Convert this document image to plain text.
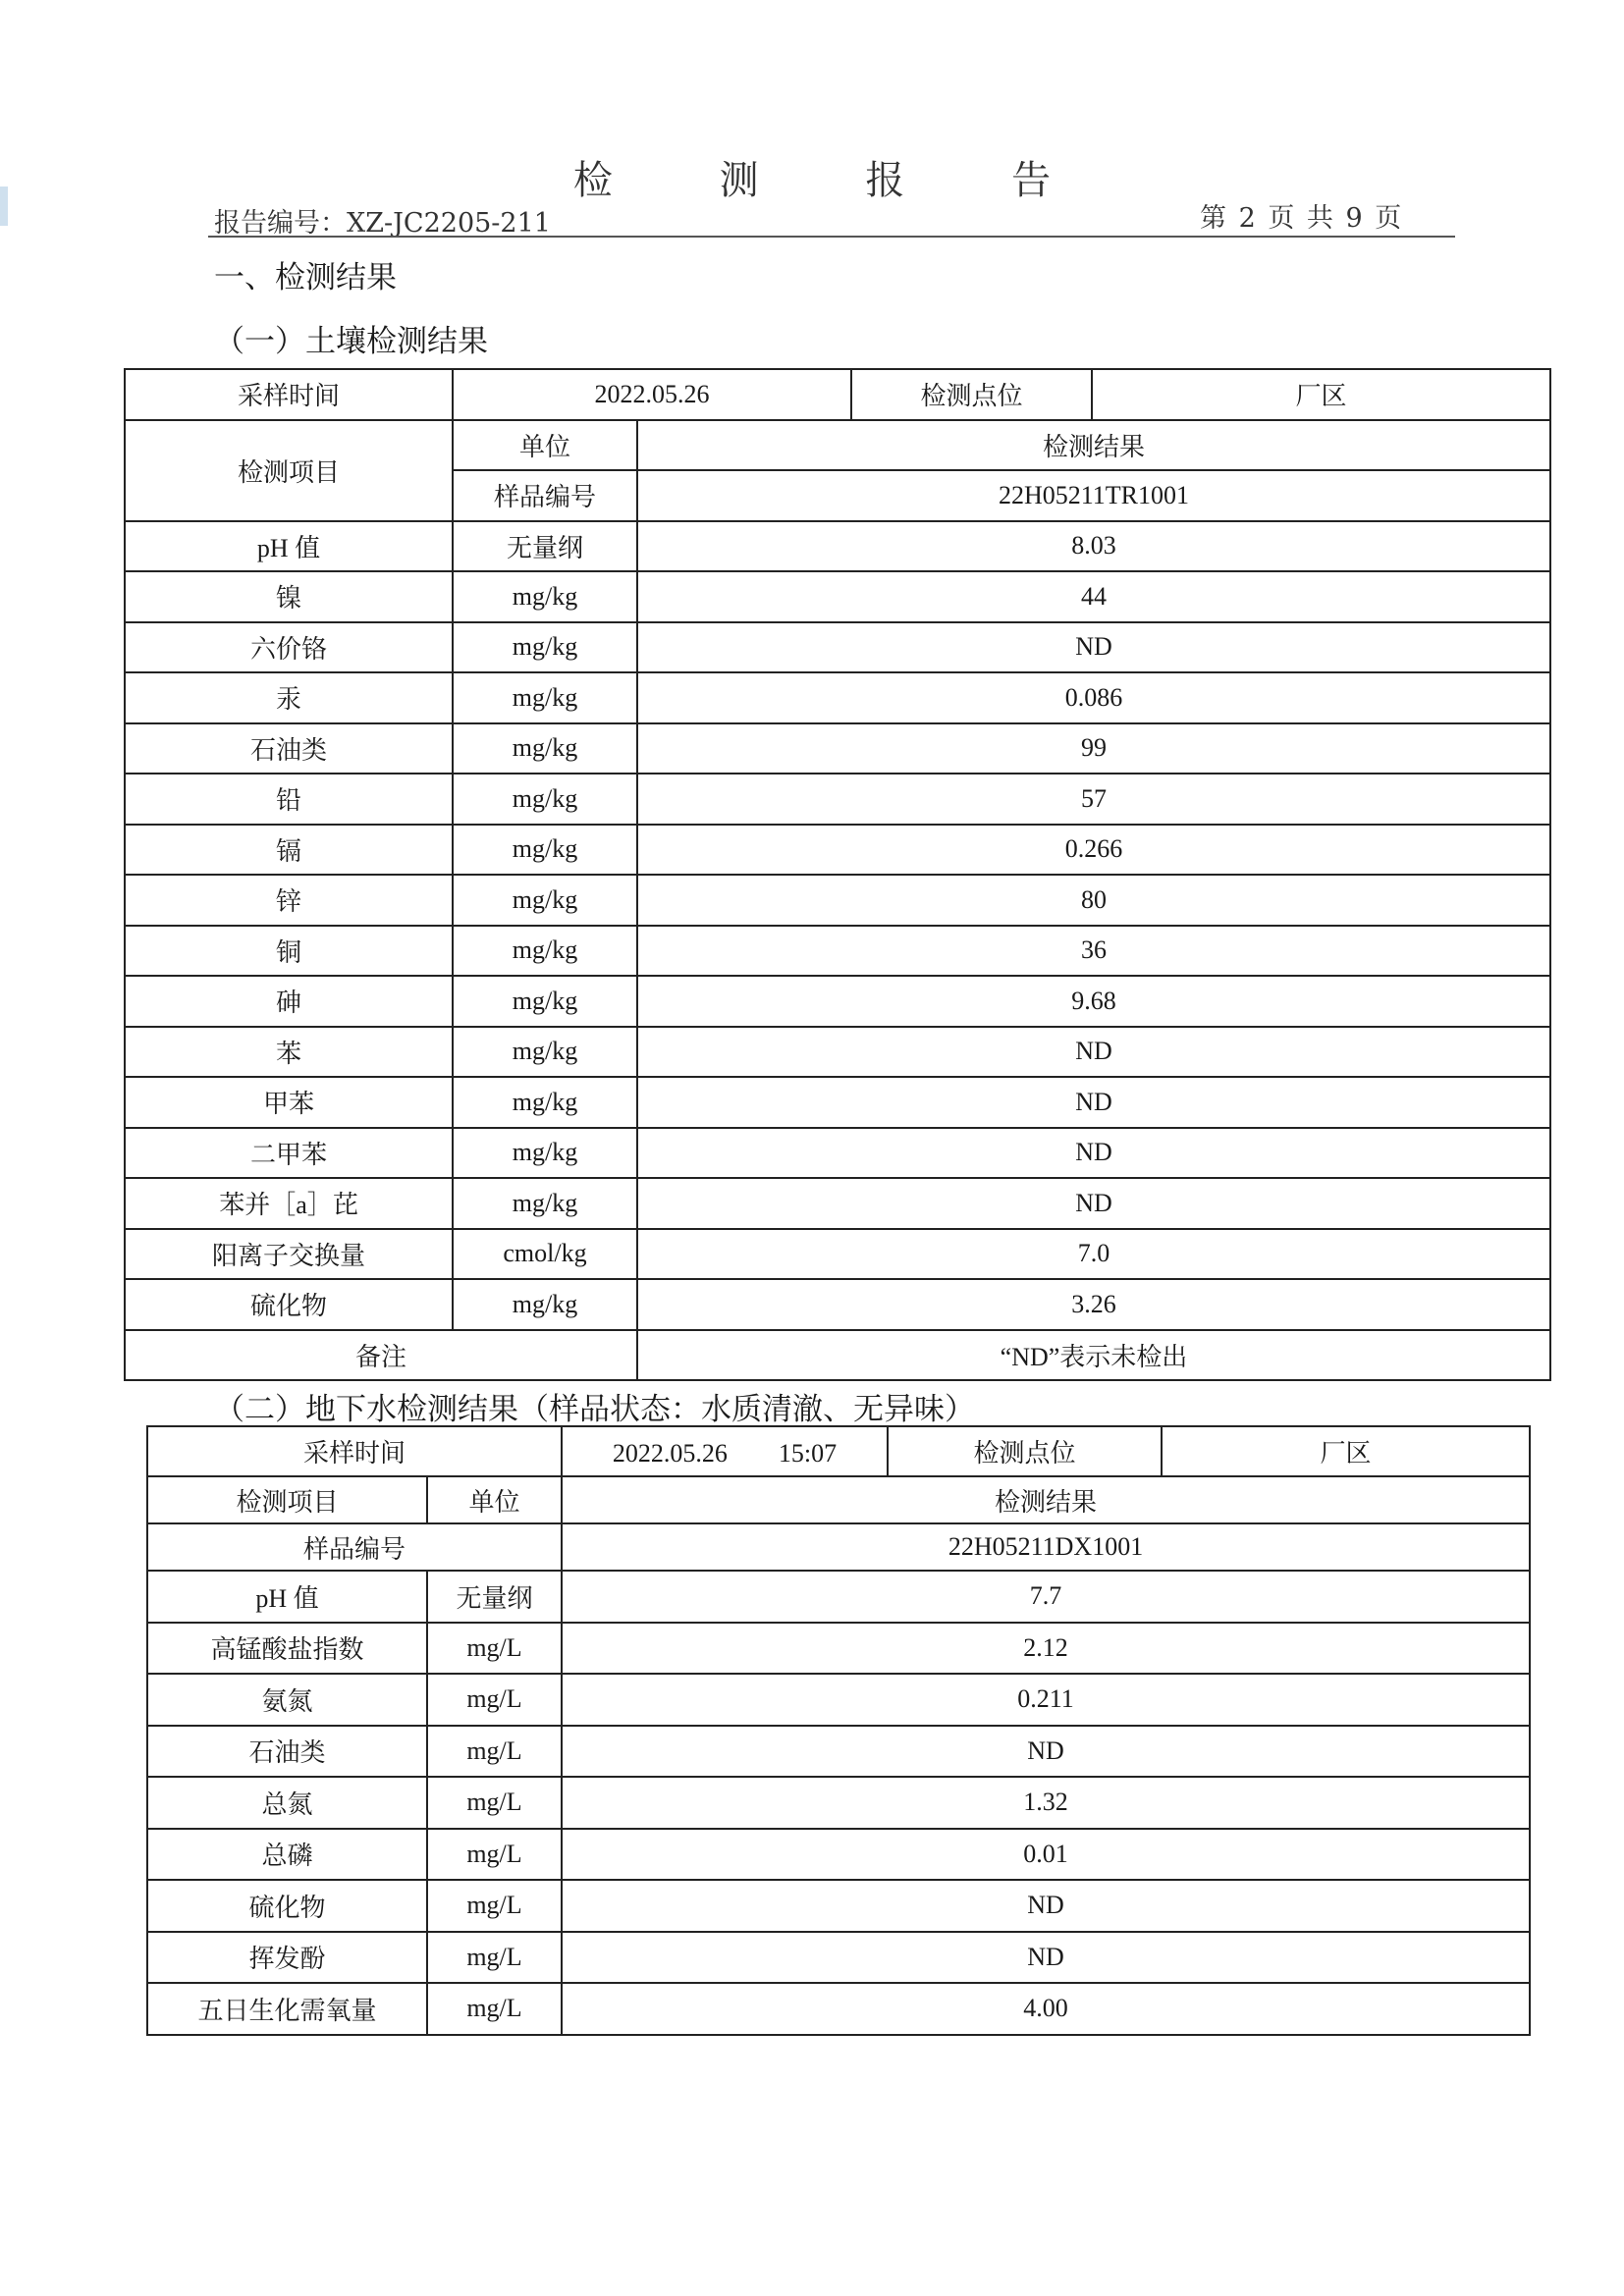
检 测 报 告
报告编号：XZ-JC2205-211	第 2 页 共 9 页
一、检测结果
（一）土壤检测结果
采样时间	2022.05.26		检测点位	厂区
检测项目	单位	检测结果		
	样品编号	22H05211TR1001		
pH 值	无量纲	8.03		
镍	mg/kg	44		
六价铬	mg/kg	ND		
汞	mg/kg	0.086		
石油类	mg/kg	99		
铅	mg/kg	57		
镉	mg/kg	0.266		
锌	mg/kg	80		
铜	mg/kg	36		
砷	mg/kg	9.68		
苯	mg/kg	ND		
甲苯	mg/kg	ND		
二甲苯	mg/kg	ND		
苯并［a］芘	mg/kg	ND		
阳离子交换量	cmol/kg	7.0		
硫化物	mg/kg	3.26		
备注		“ND”表示未检出		
（二）地下水检测结果（样品状态：水质清澈、无异味）
采样时间		2022.05.26　　15:07	检测点位	厂区
检测项目	单位	检测结果		
样品编号		22H05211DX1001		
pH 值	无量纲	7.7		
高锰酸盐指数	mg/L	2.12		
氨氮	mg/L	0.211		
石油类	mg/L	ND		
总氮	mg/L	1.32		
总磷	mg/L	0.01		
硫化物	mg/L	ND		
挥发酚	mg/L	ND		
五日生化需氧量	mg/L	4.00		
